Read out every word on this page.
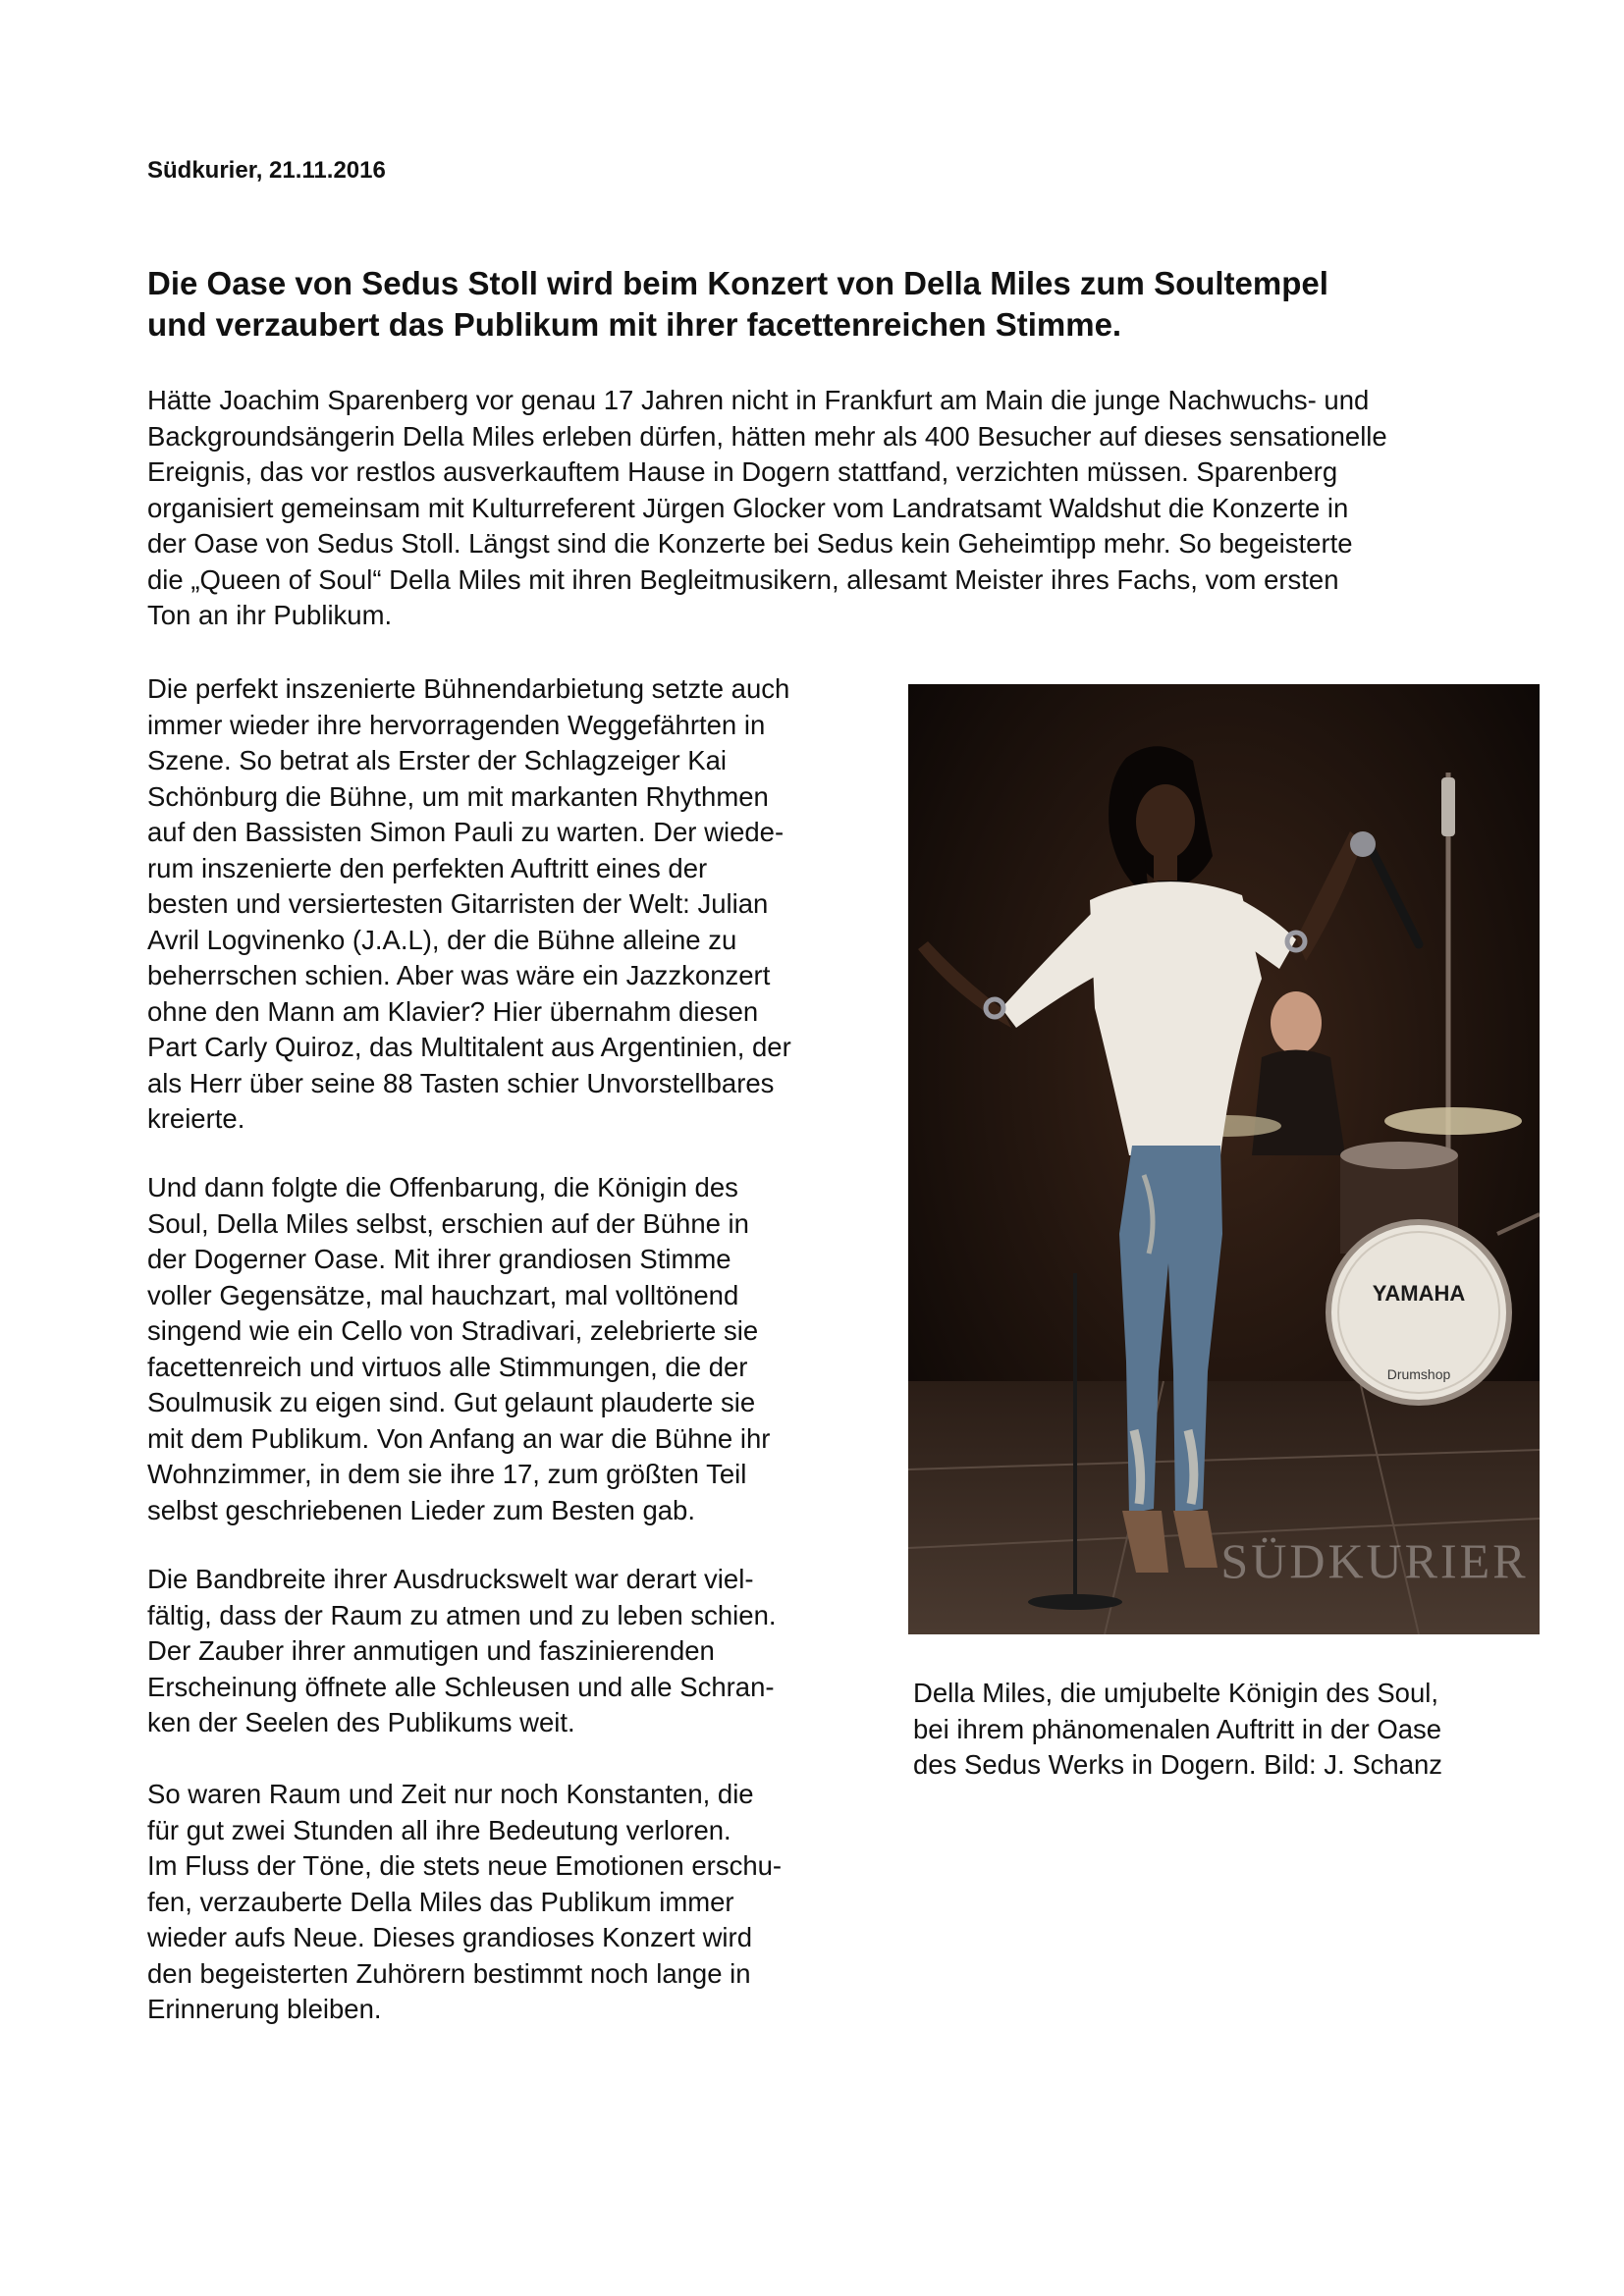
Südkurier, 21.11.2016

Die Oase von Sedus Stoll wird beim Konzert von Della Miles zum Soultempel
und verzaubert das Publikum mit ihrer facettenreichen Stimme.

Hätte Joachim Sparenberg vor genau 17 Jahren nicht in Frankfurt am Main die junge Nachwuchs- und
Backgroundsängerin Della Miles erleben dürfen, hätten mehr als 400 Besucher auf dieses sensationelle
Ereignis, das vor restlos ausverkauftem Hause in Dogern stattfand, verzichten müssen. Sparenberg
organisiert gemeinsam mit Kulturreferent Jürgen Glocker vom Landratsamt Waldshut die Konzerte in
der Oase von Sedus Stoll. Längst sind die Konzerte bei Sedus kein Geheimtipp mehr. So begeisterte
die „Queen of Soul“ Della Miles mit ihren Begleitmusikern, allesamt Meister ihres Fachs, vom ersten
Ton an ihr Publikum.

Die perfekt inszenierte Bühnendarbietung setzte auch
immer wieder ihre hervorragenden Weggefährten in
Szene. So betrat als Erster der Schlagzeiger Kai
Schönburg die Bühne, um mit markanten Rhythmen
auf den Bassisten Simon Pauli zu warten. Der wiede-
rum inszenierte den perfekten Auftritt eines der
besten und versiertesten Gitarristen der Welt: Julian
Avril Logvinenko (J.A.L), der die Bühne alleine zu
beherrschen schien. Aber was wäre ein Jazzkonzert
ohne den Mann am Klavier? Hier übernahm diesen
Part Carly Quiroz, das Multitalent aus Argentinien, der
als Herr über seine 88 Tasten schier Unvorstellbares
kreierte.

Und dann folgte die Offenbarung, die Königin des
Soul, Della Miles selbst, erschien auf der Bühne in
der Dogerner Oase. Mit ihrer grandiosen Stimme
voller Gegensätze, mal hauchzart, mal volltönend
singend wie ein Cello von Stradivari, zelebrierte sie
facettenreich und virtuos alle Stimmungen, die der
Soulmusik zu eigen sind. Gut gelaunt plauderte sie
mit dem Publikum. Von Anfang an war die Bühne ihr
Wohnzimmer, in dem sie ihre 17, zum größten Teil
selbst geschriebenen Lieder zum Besten gab.

Die Bandbreite ihrer Ausdruckswelt war derart viel-
fältig, dass der Raum zu atmen und zu leben schien.
Der Zauber ihrer anmutigen und faszinierenden
Erscheinung öffnete alle Schleusen und alle Schran-
ken der Seelen des Publikums weit.

So waren Raum und Zeit nur noch Konstanten, die
für gut zwei Stunden all ihre Bedeutung verloren.
Im Fluss der Töne, die stets neue Emotionen erschu-
fen, verzauberte Della Miles das Publikum immer
wieder aufs Neue. Dieses grandioses Konzert wird
den begeisterten Zuhörern bestimmt noch lange in
Erinnerung bleiben.

YAMAHA
Drumshop
SÜDKURIER

Della Miles, die umjubelte Königin des Soul,
bei ihrem phänomenalen Auftritt in der Oase
des Sedus Werks in Dogern. Bild: J. Schanz
